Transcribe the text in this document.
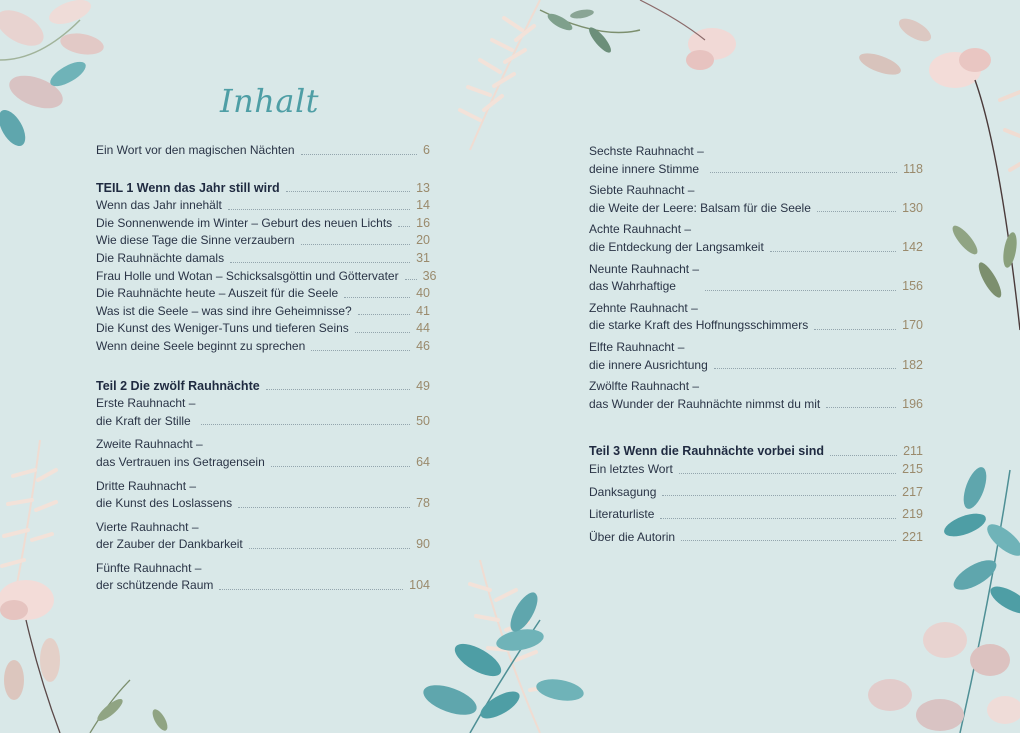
Inhalt
Ein Wort vor den magischen Nächten	6
TEIL 1 Wenn das Jahr still wird	13
Wenn das Jahr innehält	14
Die Sonnenwende im Winter – Geburt des neuen Lichts 16
Wie diese Tage die Sinne verzaubern	20
Die Rauhnächte damals	31
Frau Holle und Wotan – Schicksalsgöttin und Göttervater 36
Die Rauhnächte heute – Auszeit für die Seele	40
Was ist die Seele – was sind ihre Geheimnisse?	41
Die Kunst des Weniger-Tuns und tieferen Seins	44
Wenn deine Seele beginnt zu sprechen	46
Teil 2 Die zwölf Rauhnächte	49
Erste Rauhnacht –
die Kraft der Stille	50
Zweite Rauhnacht –
das Vertrauen ins Getragensein	64
Dritte Rauhnacht –
die Kunst des Loslassens	78
Vierte Rauhnacht –
der Zauber der Dankbarkeit	90
Fünfte Rauhnacht –
der schützende Raum	104
Sechste Rauhnacht –
deine innere Stimme	118
Siebte Rauhnacht –
die Weite der Leere: Balsam für die Seele	130
Achte Rauhnacht –
die Entdeckung der Langsamkeit	142
Neunte Rauhnacht –
das Wahrhaftige	156
Zehnte Rauhnacht –
die starke Kraft des Hoffnungsschimmers	170
Elfte Rauhnacht –
die innere Ausrichtung	182
Zwölfte Rauhnacht –
das Wunder der Rauhnächte nimmst du mit	196
Teil 3 Wenn die Rauhnächte vorbei sind	211
Ein letztes Wort	215
Danksagung	217
Literaturliste	219
Über die Autorin	221
